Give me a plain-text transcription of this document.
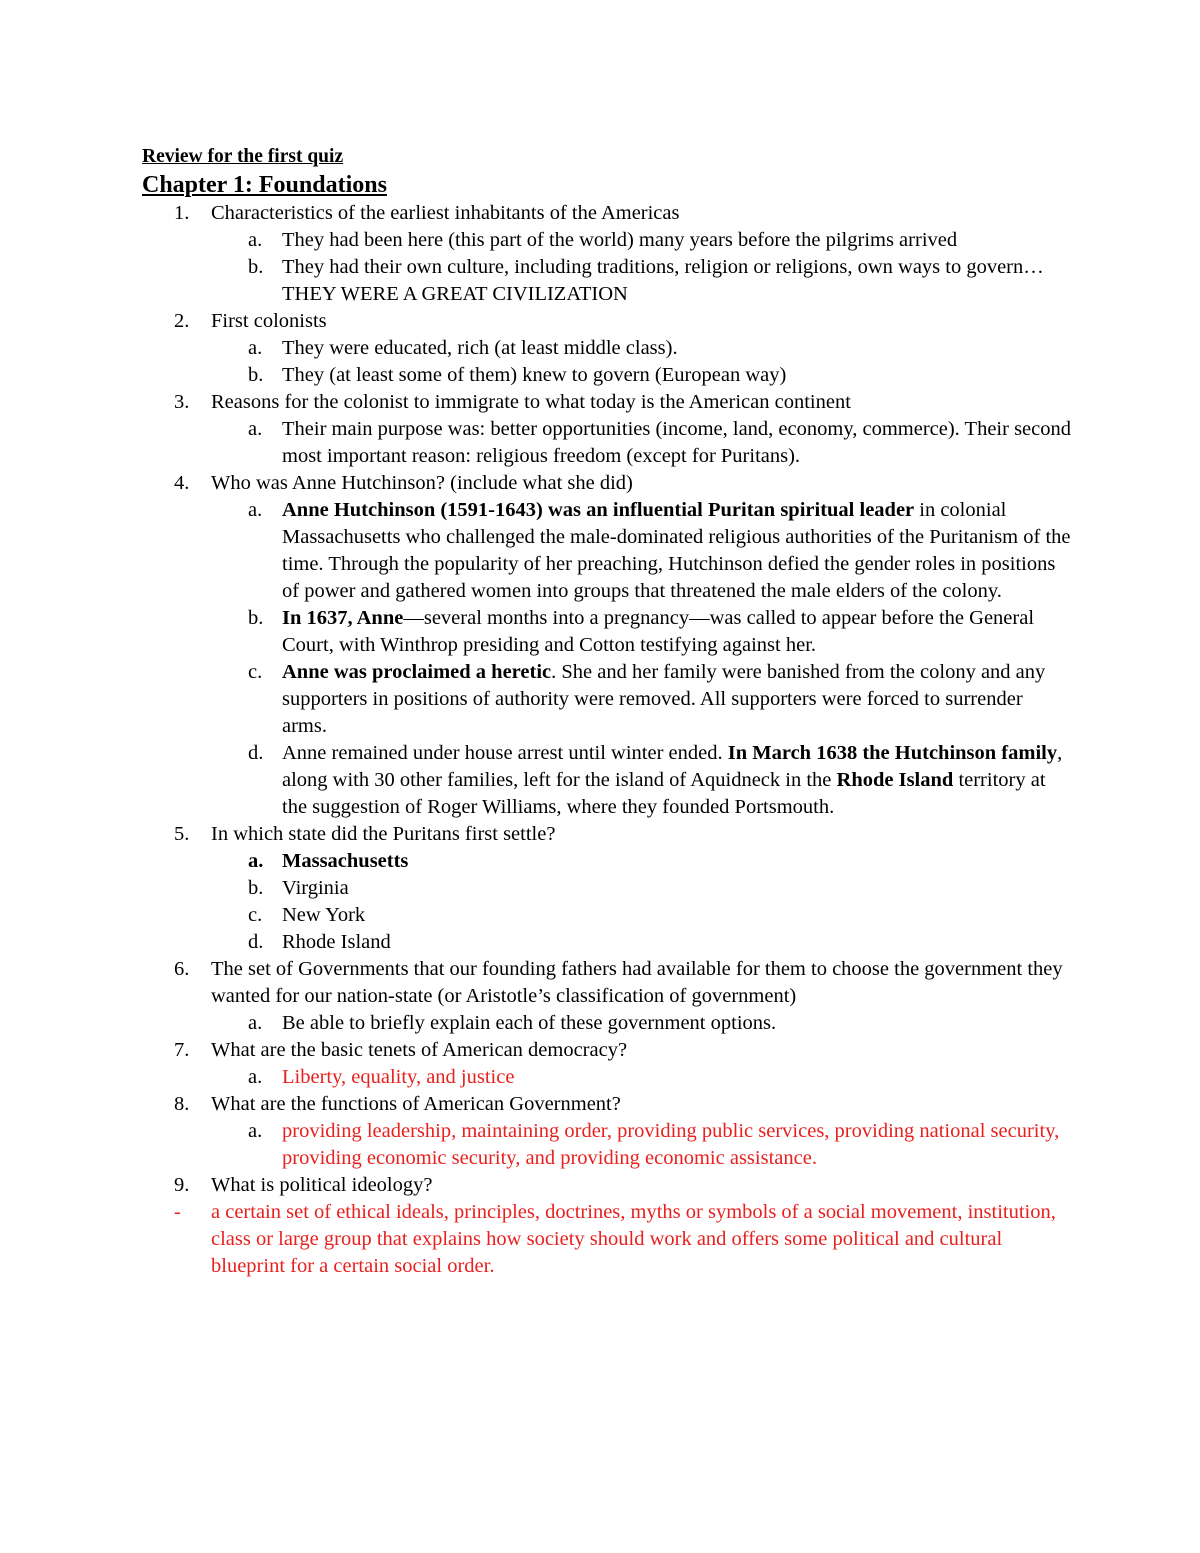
Review for the first quiz
Chapter 1: Foundations
1. Characteristics of the earliest inhabitants of the Americas
a. They had been here (this part of the world) many years before the pilgrims arrived
b. They had their own culture, including traditions, religion or religions, own ways to govern…THEY WERE A GREAT CIVILIZATION
2. First colonists
a. They were educated, rich (at least middle class).
b. They (at least some of them) knew to govern (European way)
3. Reasons for the colonist to immigrate to what today is the American continent
a. Their main purpose was: better opportunities (income, land, economy, commerce). Their second most important reason: religious freedom (except for Puritans).
4. Who was Anne Hutchinson? (include what she did)
a. Anne Hutchinson (1591-1643) was an influential Puritan spiritual leader in colonial Massachusetts who challenged the male-dominated religious authorities of the Puritanism of the time. Through the popularity of her preaching, Hutchinson defied the gender roles in positions of power and gathered women into groups that threatened the male elders of the colony.
b. In 1637, Anne—several months into a pregnancy—was called to appear before the General Court, with Winthrop presiding and Cotton testifying against her.
c. Anne was proclaimed a heretic. She and her family were banished from the colony and any supporters in positions of authority were removed. All supporters were forced to surrender arms.
d. Anne remained under house arrest until winter ended. In March 1638 the Hutchinson family, along with 30 other families, left for the island of Aquidneck in the Rhode Island territory at the suggestion of Roger Williams, where they founded Portsmouth.
5. In which state did the Puritans first settle?
a. Massachusetts
b. Virginia
c. New York
d. Rhode Island
6. The set of Governments that our founding fathers had available for them to choose the government they wanted for our nation-state (or Aristotle’s classification of government)
a. Be able to briefly explain each of these government options.
7. What are the basic tenets of American democracy?
a. Liberty, equality, and justice
8. What are the functions of American Government?
a. providing leadership, maintaining order, providing public services, providing national security, providing economic security, and providing economic assistance.
9. What is political ideology?
- a certain set of ethical ideals, principles, doctrines, myths or symbols of a social movement, institution, class or large group that explains how society should work and offers some political and cultural blueprint for a certain social order.
